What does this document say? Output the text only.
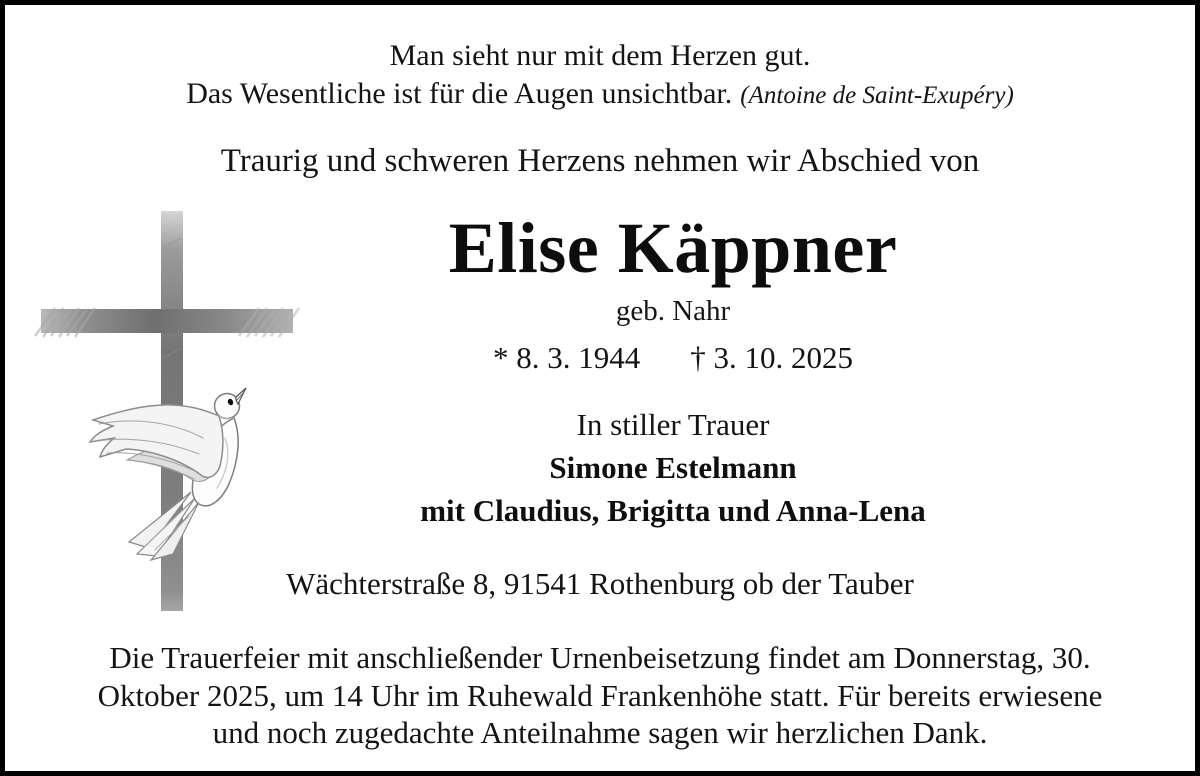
Man sieht nur mit dem Herzen gut.
Das Wesentliche ist für die Augen unsichtbar. (Antoine de Saint-Exupéry)
Traurig und schweren Herzens nehmen wir Abschied von
Elise Käppner
geb. Nahr
* 8. 3. 1944 † 3. 10. 2025
In stiller Trauer
Simone Estelmann
mit Claudius, Brigitta und Anna-Lena
Wächterstraße 8, 91541 Rothenburg ob der Tauber
Die Trauerfeier mit anschließender Urnenbeisetzung findet am Donnerstag, 30. Oktober 2025, um 14 Uhr im Ruhewald Frankenhöhe statt. Für bereits erwiesene und noch zugedachte Anteilnahme sagen wir herzlichen Dank.
